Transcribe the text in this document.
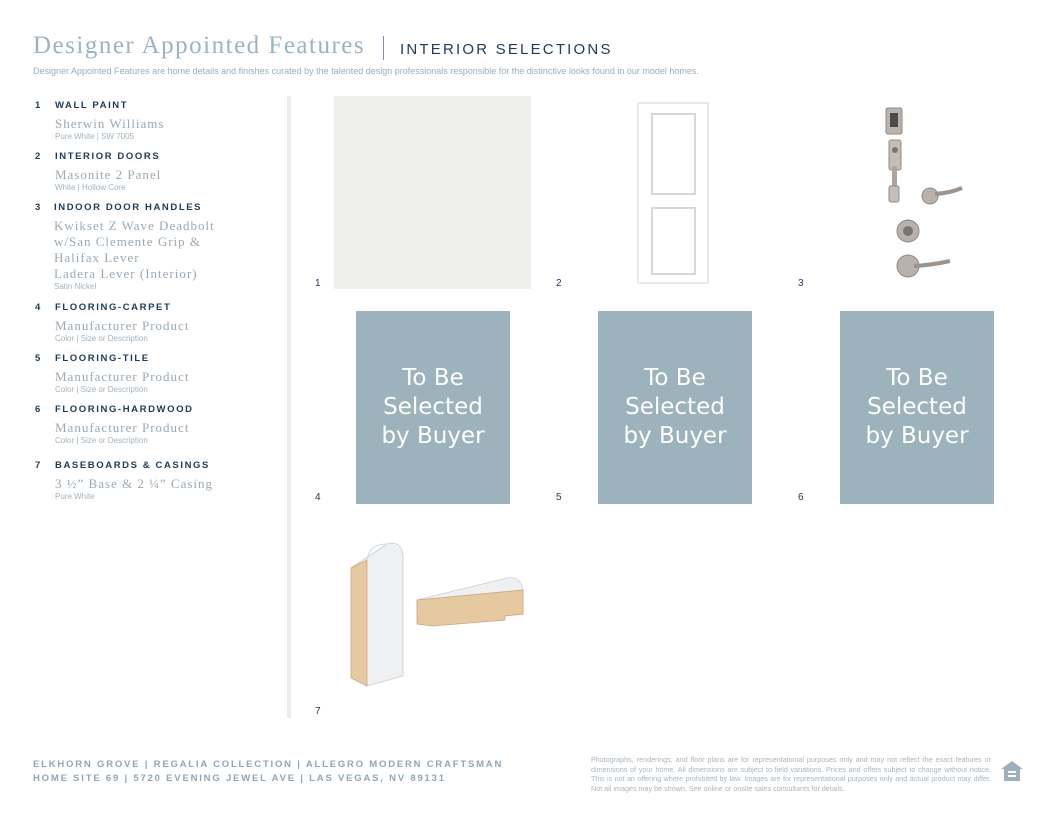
Designer Appointed Features INTERIOR SELECTIONS
Designer Appointed Features are home details and finishes curated by the talented design professionals responsible for the distinctive looks found in our model homes.
1 WALL PAINT
Sherwin Williams
Pure White | SW 7005
2 INTERIOR DOORS
Masonite 2 Panel
White | Hollow Core
3 INDOOR DOOR HANDLES
Kwikset Z Wave Deadbolt
w/San Clemente Grip &
Halifax Lever
Ladera Lever (Interior)
Satin Nickel
4 FLOORING-CARPET
Manufacturer Product
Color | Size or Description
5 FLOORING-TILE
Manufacturer Product
Color | Size or Description
6 FLOORING-HARDWOOD
Manufacturer Product
Color | Size or Description
7 BASEBOARDS & CASINGS
3 ½” Base & 2 ¼” Casing
Pure White
1	2	3
To Be
Selected
by Buyer
4
To Be
Selected
by Buyer
5
To Be
Selected
by Buyer
6
7
ELKHORN GROVE | REGALIA COLLECTION | ALLEGRO MODERN CRAFTSMAN
HOME SITE 69 | 5720 EVENING JEWEL AVE | LAS VEGAS, NV 89131
Photographs, renderings, and floor plans are for representational purposes only and may not reflect the exact features or dimensions of your home. All dimensions are subject to field variations. Prices and offers subject to change without notice. This is not an offering where prohibited by law. Images are for representational purposes only and actual product may differ. Not all images may be shown. See online or onsite sales consultants for details.
